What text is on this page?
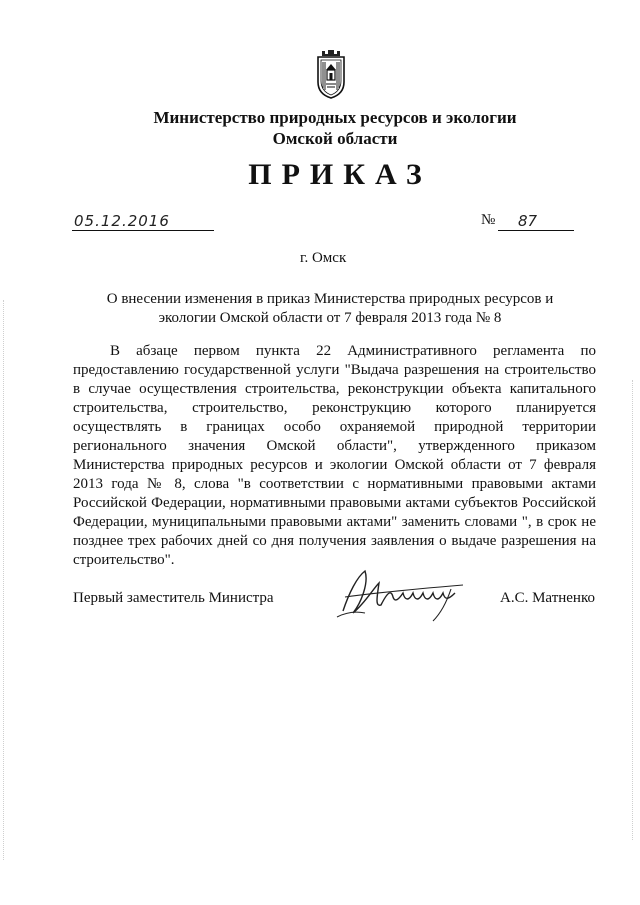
Министерство природных ресурсов и экологии
Омской области
ПРИКАЗ
05.12.2016	№ 87
г. Омск
О внесении изменения в приказ Министерства природных ресурсов и
экологии Омской области от 7 февраля 2013 года № 8
В абзаце первом пункта 22 Административного регламента по
предоставлению государственной услуги "Выдача разрешения на строительство
в случае осуществления строительства, реконструкции объекта капитального
строительства, строительство, реконструкцию которого планируется
осуществлять в границах особо охраняемой природной территории
регионального значения Омской области", утвержденного приказом
Министерства природных ресурсов и экологии Омской области от 7 февраля
2013 года № 8, слова "в соответствии с нормативными правовыми актами
Российской Федерации, нормативными правовыми актами субъектов Российской
Федерации, муниципальными правовыми актами" заменить словами ", в срок не
позднее трех рабочих дней со дня получения заявления о выдаче разрешения на
строительство".
Первый заместитель Министра	А.С. Матненко
